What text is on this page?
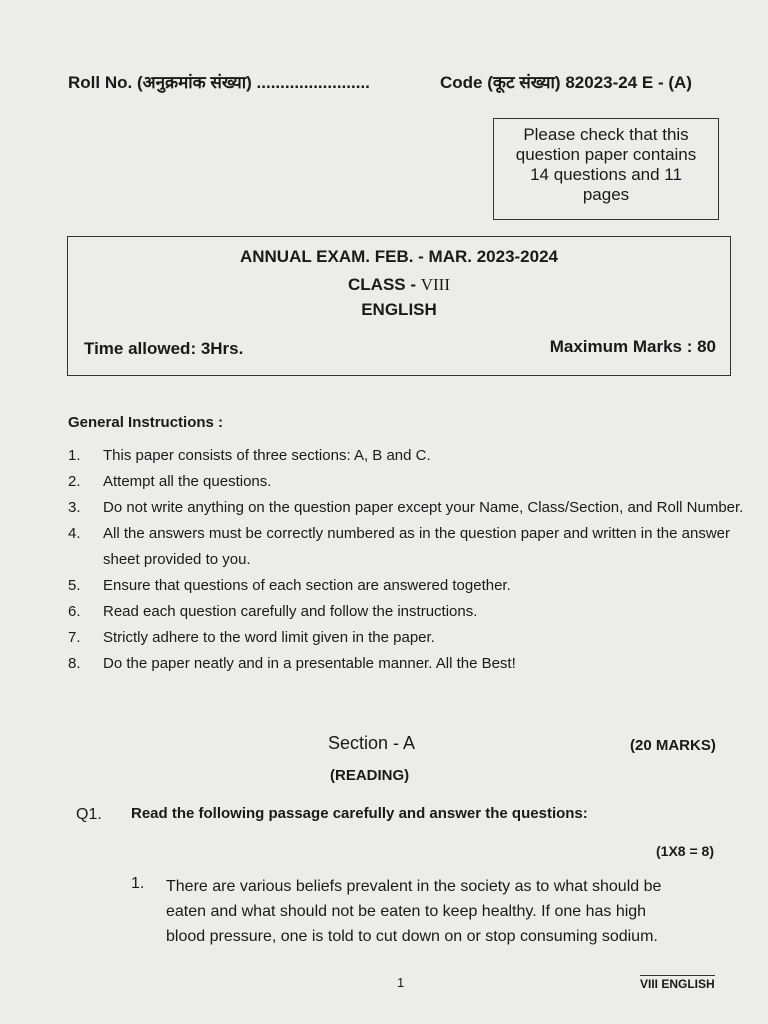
Roll No. (अनुक्रमांक संख्या) ........................	Code (कूट संख्या) 82023-24 E - (A)
Please check that this
question paper contains
14 questions and 11
pages
ANNUAL EXAM. FEB. - MAR. 2023-2024
CLASS - VIII
ENGLISH
Time allowed: 3Hrs.	Maximum Marks : 80
General Instructions :
1.	This paper consists of three sections: A, B and C.
2.	Attempt all the questions.
3.	Do not write anything on the question paper except your Name, Class/Section, and Roll Number.
4.	All the answers must be correctly numbered as in the question paper and written in the answer sheet provided to you.
5.	Ensure that questions of each section are answered together.
6.	Read each question carefully and follow the instructions.
7.	Strictly adhere to the word limit given in the paper.
8.	Do the paper neatly and in a presentable manner. All the Best!
Section - A	(20 MARKS)
(READING)
Q1. Read the following passage carefully and answer the questions:
(1X8 = 8)
1. There are various beliefs prevalent in the society as to what should be
eaten and what should not be eaten to keep healthy. If one has high
blood pressure, one is told to cut down on or stop consuming sodium.
1	VIII ENGLISH
